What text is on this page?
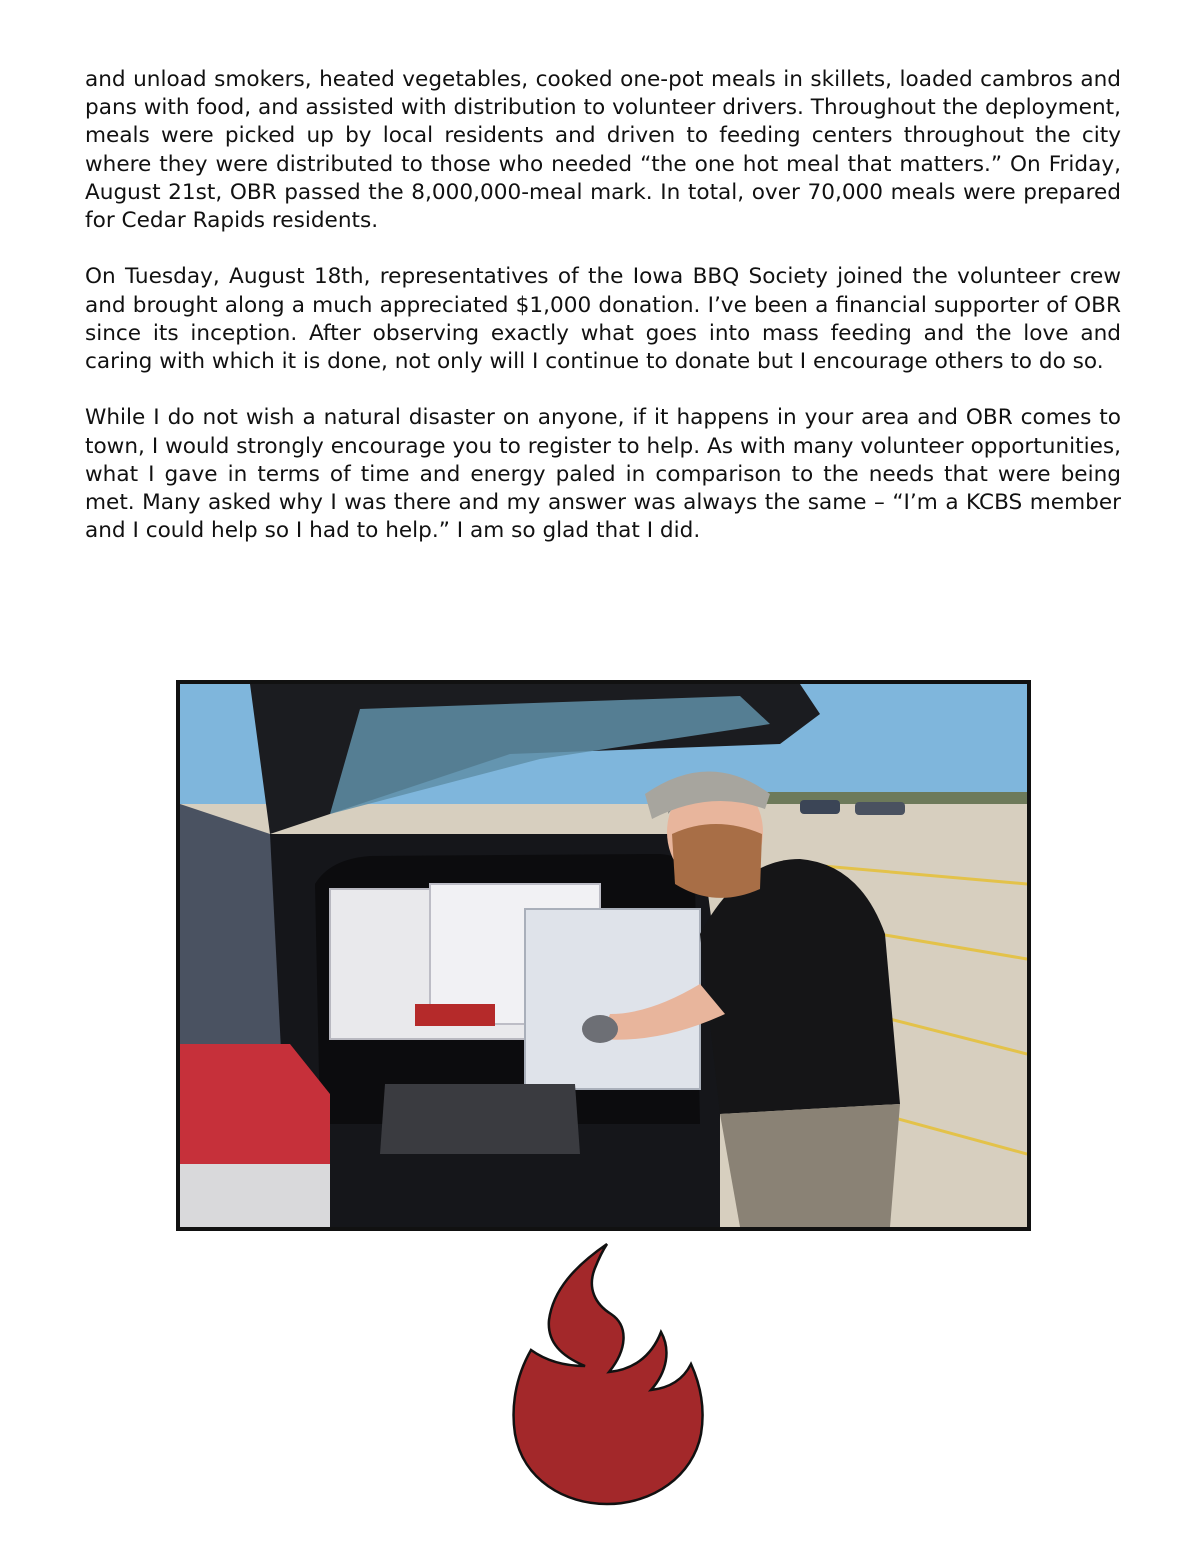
and unload smokers, heated vegetables, cooked one-pot meals in skillets, loaded cambros and pans with food, and assisted with distribution to volunteer drivers. Throughout the deployment, meals were picked up by local residents and driven to feeding centers throughout the city where they were distributed to those who needed “the one hot meal that matters.” On Friday, August 21st, OBR passed the 8,000,000-meal mark. In total, over 70,000 meals were prepared for Cedar Rapids residents.

On Tuesday, August 18th, representatives of the Iowa BBQ Society joined the volunteer crew and brought along a much appreciated $1,000 donation. I’ve been a financial supporter of OBR since its inception. After observing exactly what goes into mass feeding and the love and caring with which it is done, not only will I continue to donate but I encourage others to do so.

While I do not wish a natural disaster on anyone, if it happens in your area and OBR comes to town, I would strongly encourage you to register to help. As with many volunteer opportunities, what I gave in terms of time and energy paled in comparison to the needs that were being met. Many asked why I was there and my answer was always the same – “I’m a KCBS member and I could help so I had to help.” I am so glad that I did.
